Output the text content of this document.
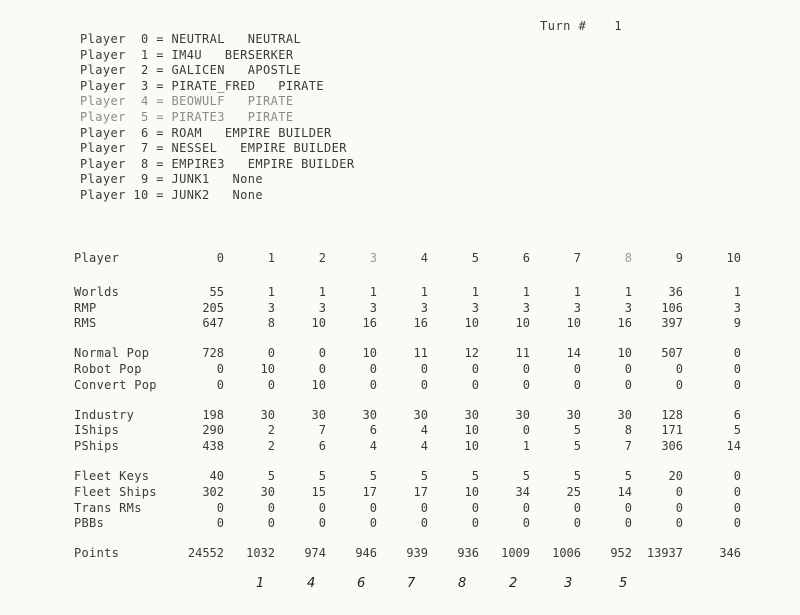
Turn # 1
Player 0 = NEUTRAL NEUTRAL
Player 1 = IM4U BERSERKER
Player 2 = GALICEN APOSTLE
Player 3 = PIRATE_FRED PIRATE
Player 4 = BEOWULF PIRATE
Player 5 = PIRATE3 PIRATE
Player 6 = ROAM EMPIRE BUILDER
Player 7 = NESSEL EMPIRE BUILDER
Player 8 = EMPIRE3 EMPIRE BUILDER
Player 9 = JUNK1 None
Player 10 = JUNK2 None
Player	0	1	2	3	4	5	6	7	8	9	10

Worlds	55	1	1	1	1	1	1	1	1	36	1
RMP	205	3	3	3	3	3	3	3	3	106	3
RMS	647	8	10	16	16	10	10	10	16	397	9

Normal Pop	728	0	0	10	11	12	11	14	10	507	0
Robot Pop	0	10	0	0	0	0	0	0	0	0	0
Convert Pop	0	0	10	0	0	0	0	0	0	0	0

Industry	198	30	30	30	30	30	30	30	30	128	6
IShips	290	2	7	6	4	10	0	5	8	171	5
PShips	438	2	6	4	4	10	1	5	7	306	14

Fleet Keys	40	5	5	5	5	5	5	5	5	20	0
Fleet Ships	302	30	15	17	17	10	34	25	14	0	0
Trans RMs	0	0	0	0	0	0	0	0	0	0	0
PBBs	0	0	0	0	0	0	0	0	0	0	0

Points	24552	1032	974	946	939	936	1009	1006	952	13937	346
1	4	6	7	8	2	3	5
